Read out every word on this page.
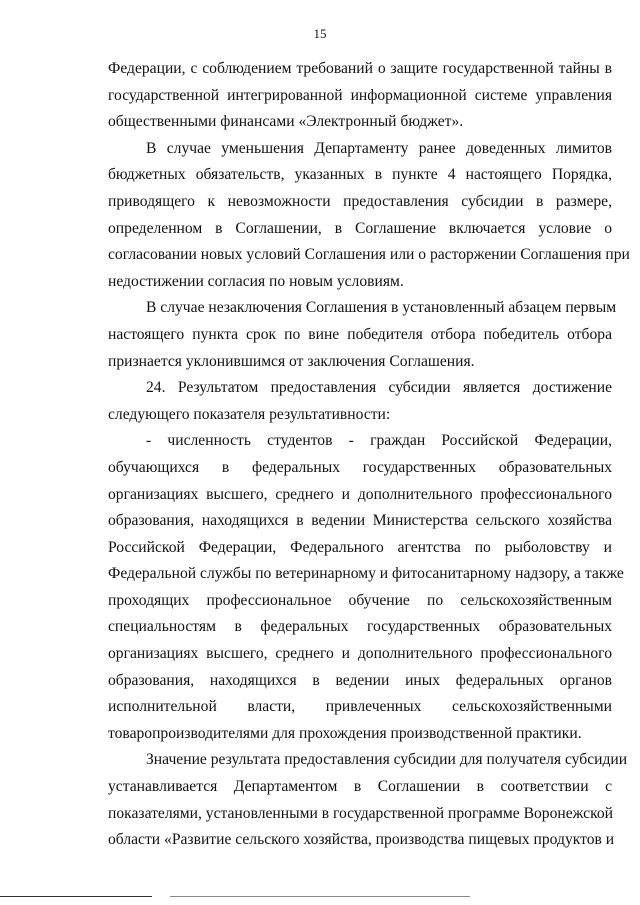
15

Федерации, с соблюдением требований о защите государственной тайны в
государственной интегрированной информационной системе управления
общественными финансами «Электронный бюджет».

В случае уменьшения Департаменту ранее доведенных лимитов
бюджетных обязательств, указанных в пункте 4 настоящего Порядка,
приводящего к невозможности предоставления субсидии в размере,
определенном в Соглашении, в Соглашение включается условие о
согласовании новых условий Соглашения или о расторжении Соглашения при
недостижении согласия по новым условиям.

В случае незаключения Соглашения в установленный абзацем первым
настоящего пункта срок по вине победителя отбора победитель отбора
признается уклонившимся от заключения Соглашения.

24. Результатом предоставления субсидии является достижение
следующего показателя результативности:

- численность студентов - граждан Российской Федерации,
обучающихся в федеральных государственных образовательных
организациях высшего, среднего и дополнительного профессионального
образования, находящихся в ведении Министерства сельского хозяйства
Российской Федерации, Федерального агентства по рыболовству и
Федеральной службы по ветеринарному и фитосанитарному надзору, а также
проходящих профессиональное обучение по сельскохозяйственным
специальностям в федеральных государственных образовательных
организациях высшего, среднего и дополнительного профессионального
образования, находящихся в ведении иных федеральных органов
исполнительной власти, привлеченных сельскохозяйственными
товаропроизводителями для прохождения производственной практики.

Значение результата предоставления субсидии для получателя субсидии
устанавливается Департаментом в Соглашении в соответствии с
показателями, установленными в государственной программе Воронежской
области «Развитие сельского хозяйства, производства пищевых продуктов и
